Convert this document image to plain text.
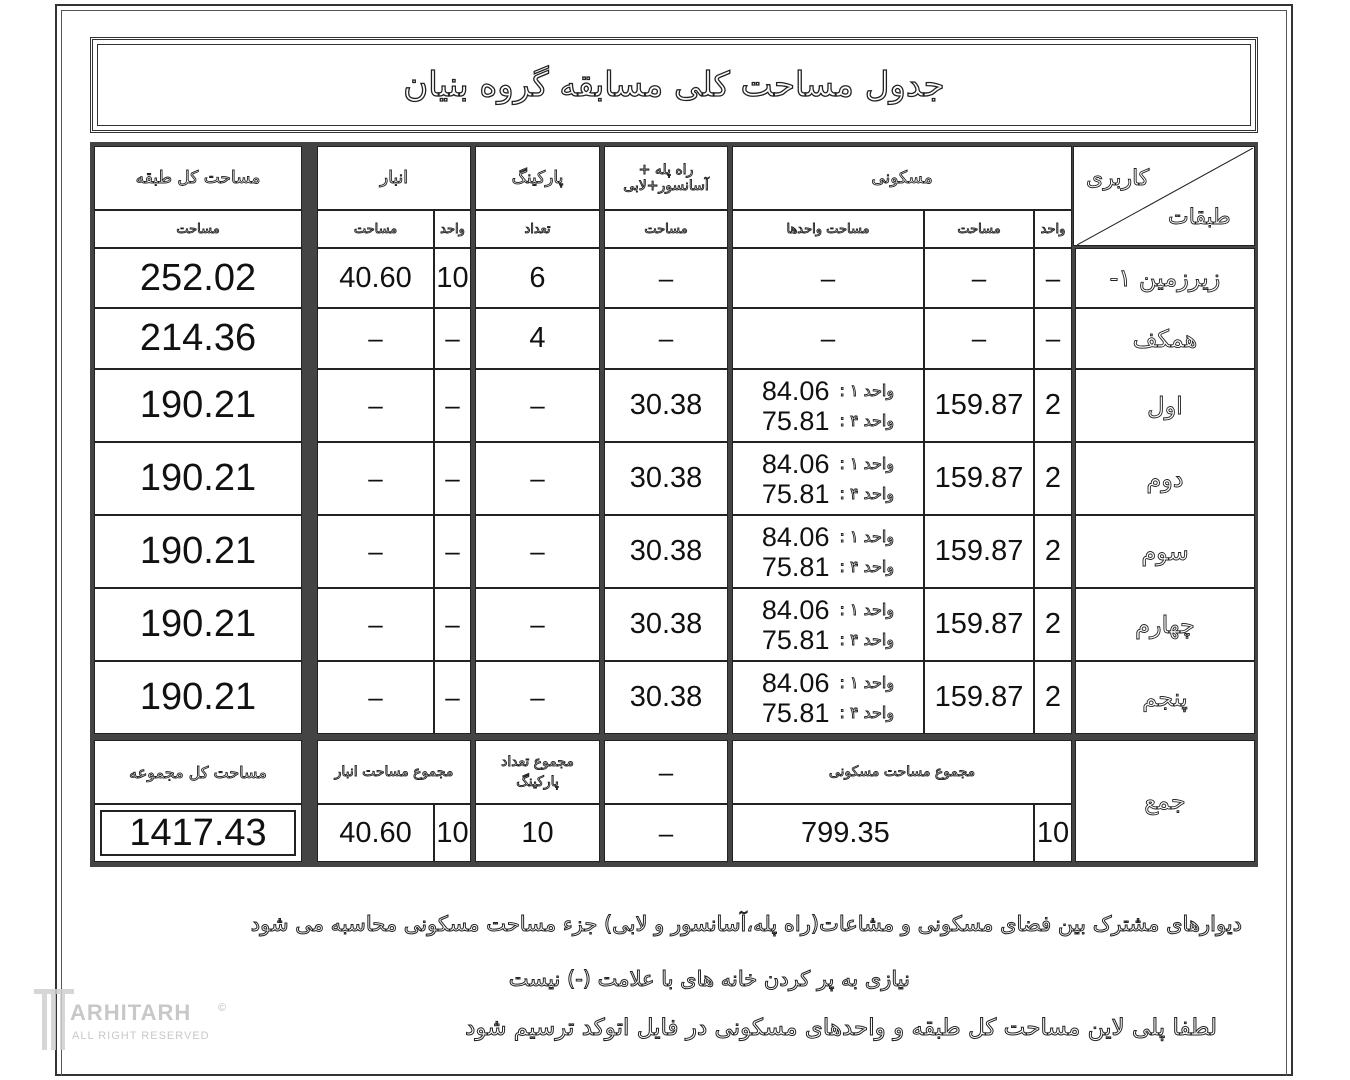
جدول مساحت کلی مسابقه گروه بنیان
کاربری
طبقات
مسکونی
راه پله + آسانسور+لابی
پارکینگ
انبار
مساحت کل طبقه
واحد
مساحت
مساحت واحدها
مساحت
تعداد
واحد
مساحت
مساحت
زیرزمین ۱-
–
–
–
–
6
10
40.60
252.02
همکف
–
–
–
–
4
–
–
214.36
اول
2
159.87
84.06 واحد ۱ :
75.81 واحد ۴ :
30.38
–
–
–
190.21
دوم
2
159.87
84.06 واحد ۱ :
75.81 واحد ۴ :
30.38
–
–
–
190.21
سوم
2
159.87
84.06 واحد ۱ :
75.81 واحد ۴ :
30.38
–
–
–
190.21
چهارم
2
159.87
84.06 واحد ۱ :
75.81 واحد ۴ :
30.38
–
–
–
190.21
پنجم
2
159.87
84.06 واحد ۱ :
75.81 واحد ۴ :
30.38
–
–
–
190.21
جمع
مجموع مساحت مسکونی
–
مجموع تعداد پارکینگ
مجموع مساحت انبار
مساحت کل مجموعه
10
799.35
–
10
10
40.60
1417.43
دیوارهای مشترک بین فضای مسکونی و مشاعات(راه پله،آسانسور و لابی) جزء مساحت مسکونی محاسبه می شود
نیازی به پر کردن خانه های با علامت (-) نیست
لطفا پلی لاین مساحت کل طبقه و واحدهای مسکونی در فایل اتوکد ترسیم شود
ARHITARH
ALL RIGHT RESERVED
©
